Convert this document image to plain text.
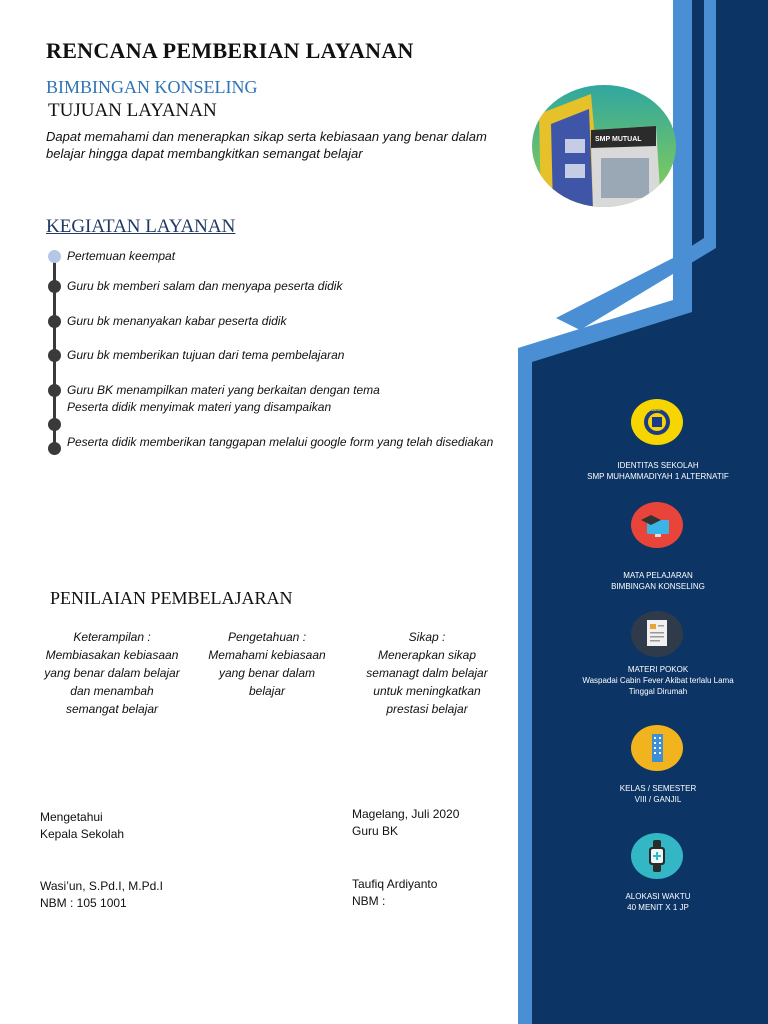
RENCANA PEMBERIAN LAYANAN
BIMBINGAN KONSELING
TUJUAN LAYANAN
Dapat memahami dan menerapkan sikap serta kebiasaan yang benar dalam belajar hingga dapat membangkitkan semangat belajar
SMP MUTUAL
KEGIATAN LAYANAN
Pertemuan keempat
Guru bk memberi salam dan menyapa peserta didik
Guru bk menanyakan kabar peserta didik
Guru bk memberikan tujuan dari tema pembelajaran
Guru BK menampilkan materi yang berkaitan dengan tema
Peserta didik menyimak materi yang disampaikan
Peserta didik memberikan tanggapan melalui google form yang telah disediakan
PENILAIAN PEMBELAJARAN
Keterampilan :
Membiasakan kebiasaan yang benar dalam belajar dan menambah semangat belajar
Pengetahuan :
Memahami kebiasaan yang benar dalam belajar
Sikap :
Menerapkan sikap semanagt dalm belajar untuk meningkatkan prestasi belajar
Mengetahui
Kepala Sekolah
Wasi’un, S.Pd.I, M.Pd.I
NBM : 105 1001
Magelang, Juli 2020
Guru BK
Taufiq Ardiyanto
NBM :
SMP
IDENTITAS SEKOLAH
SMP MUHAMMADIYAH 1 ALTERNATIF
MATA PELAJARAN
BIMBINGAN KONSELING
MATERI POKOK
Waspadai Cabin Fever Akibat terlalu Lama
Tinggal Dirumah
KELAS / SEMESTER
VIII / GANJIL
ALOKASI WAKTU
40 MENIT X 1 JP
